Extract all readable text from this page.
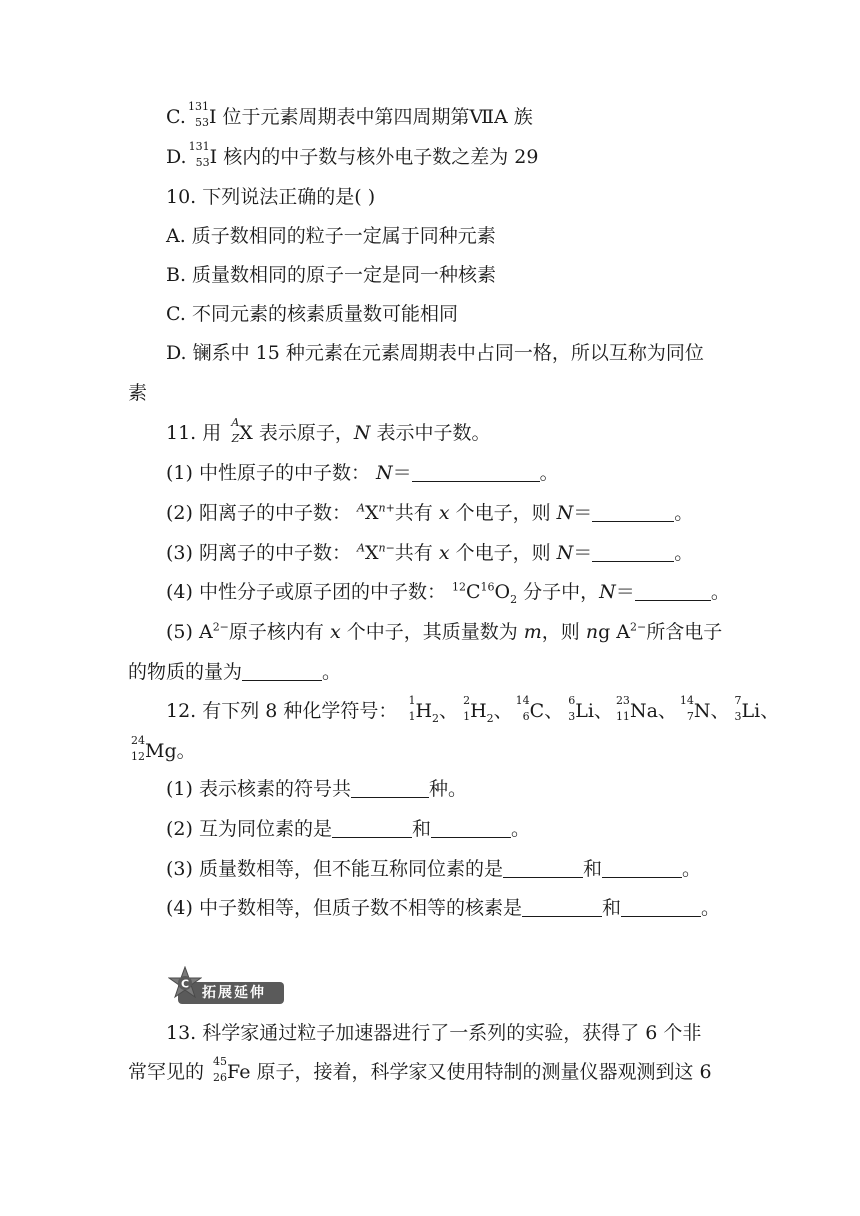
C.
131
53 I 位于元素周期表中第四周期第ⅦA 族
D.
131
53 I 核内的中子数与核外电子数之差为 29
10. 下列说法正确的是( )
A. 质子数相同的粒子一定属于同种元素
B. 质量数相同的原子一定是同一种核素
C. 不同元素的核素质量数可能相同
D. 镧系中 15 种元素在元素周期表中占同一格，所以互称为同位
素
11. 用 A
Z X 表示原子，N 表示中子数。
(1) 中性原子的中子数： N＝	。
(2) 阳离子的中子数： $^AX^{n+}$共有 x 个电子，则 N＝	。
(3) 阴离子的中子数： $^AX^{n-}$共有 x 个电子，则 N＝	。
(4) 中性分子或原子团的中子数： $^{12}C^{16}O_2$ 分子中，N＝	。
(5) $A^{2-}$原子核内有 x 个中子，其质量数为 m，则 ng $A^{2-}$所含电子
的物质的量为	。
12. 有下列 8 种化学符号： 1
1 $H_2$、 2
1 $H_2$、 14
6 C、 6
3 Li、 23
11 Na、 14
7 N、 7
3 Li、
24
12 Mg。
(1) 表示核素的符号共	种。
(2) 互为同位素的是	和	。
(3) 质量数相等，但不能互称同位素的是	和	。
(4) 中子数相等，但质子数不相等的核素是	和	。
拓展延伸
C
13. 科学家通过粒子加速器进行了一系列的实验，获得了 6 个非
常罕见的 45
26 Fe 原子，接着，科学家又使用特制的测量仪器观测到这 6
